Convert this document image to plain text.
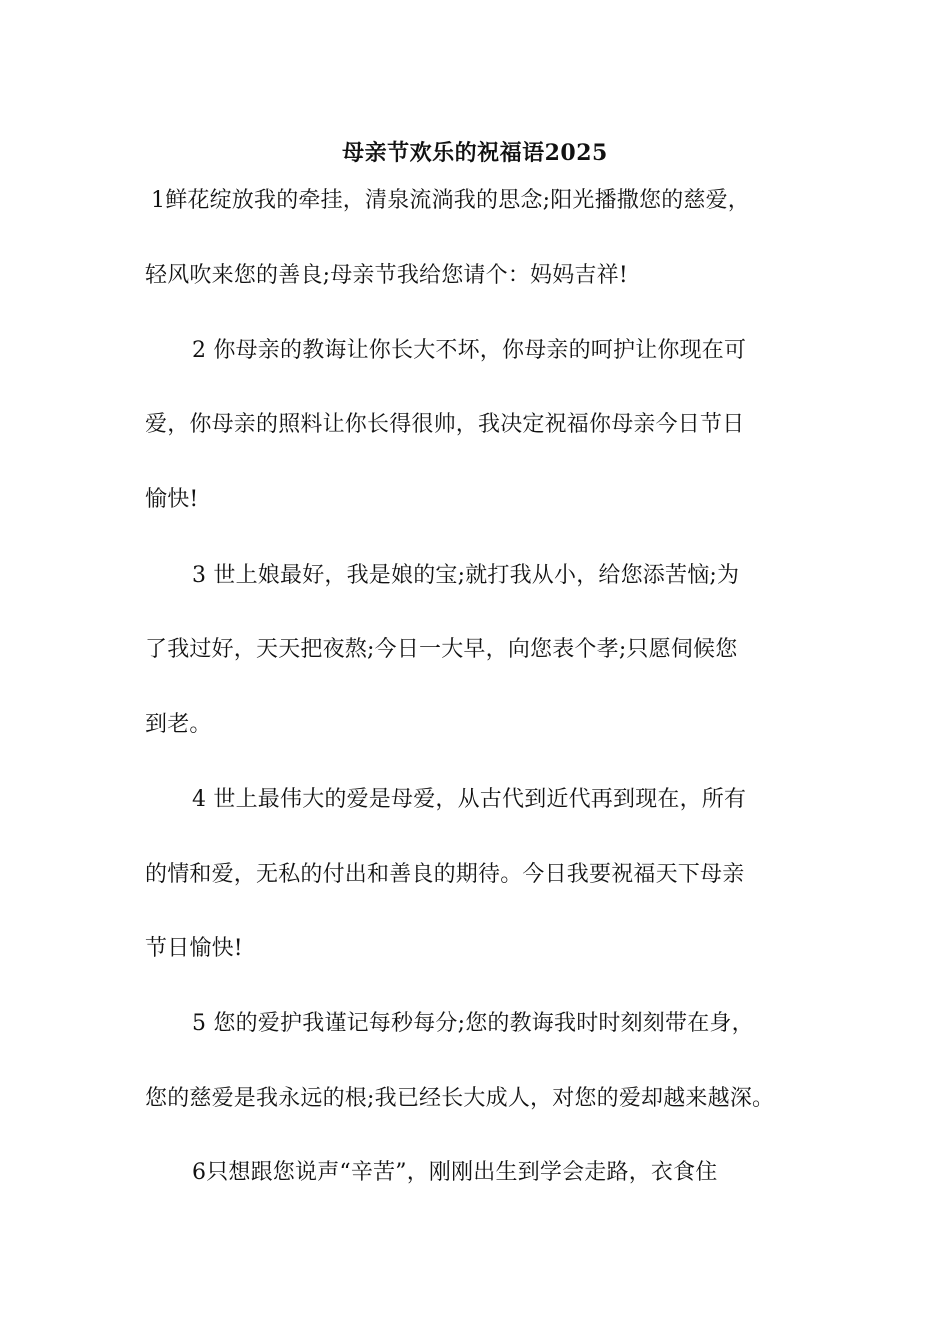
母亲节欢乐的祝福语2025

1鲜花绽放我的牵挂，清泉流淌我的思念;阳光播撒您的慈爱，

轻风吹来您的善良;母亲节我给您请个：妈妈吉祥!

2 你母亲的教诲让你长大不坏，你母亲的呵护让你现在可

爱，你母亲的照料让你长得很帅，我决定祝福你母亲今日节日

愉快!

3 世上娘最好，我是娘的宝;就打我从小，给您添苦恼;为

了我过好，天天把夜熬;今日一大早，向您表个孝;只愿伺候您

到老。

4 世上最伟大的爱是母爱，从古代到近代再到现在，所有

的情和爱，无私的付出和善良的期待。今日我要祝福天下母亲

节日愉快!

5 您的爱护我谨记每秒每分;您的教诲我时时刻刻带在身，

您的慈爱是我永远的根;我已经长大成人，对您的爱却越来越深。

6只想跟您说声“辛苦”，刚刚出生到学会走路，衣食住
